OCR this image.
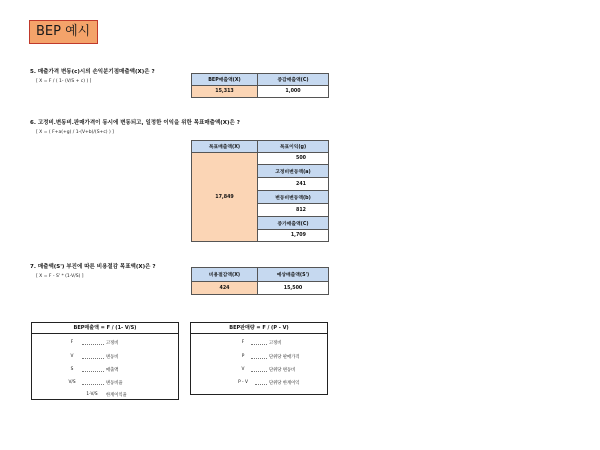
BEP 예시
5. 매출가격 변동(c)시의 손익분기점매출액(X)은 ?
[ X = F / ( 1- (V/S + c) ) ]	BEP매출액(X)	증감매출액(C)
15,313	1,000
6. 고정비.변동비.판매가격이 동시에 변동되고, 일정한 이익을 위한 목표매출액(X)은 ?
[ X = ( F+a(+g) / 1-(V+b)/(S+c) ) ]
목표매출액(X)	목표이익(g)
17,849	500
	고정비변동액(a)
	241
	변동비변동액(b)
	812
	증가매출액(C)
	1,709
7. 매출액(S') 부진에 따른 비용절감 목표액(X)은 ?
[ X = F - S' * (1-V/S) ]	비용절감액(X)	예상매출액(S')
424	15,500
BEP매출액 = F / (1- V/S)
F	고정비
V	변동비
S	매출액
V/S	변동비율
1-V/S	한계이익율
BEP판매량 = F / (P - V)
F	고정비
P	단위당 판매가격
V	단위당 변동비
P - V	단위당 한계이익
